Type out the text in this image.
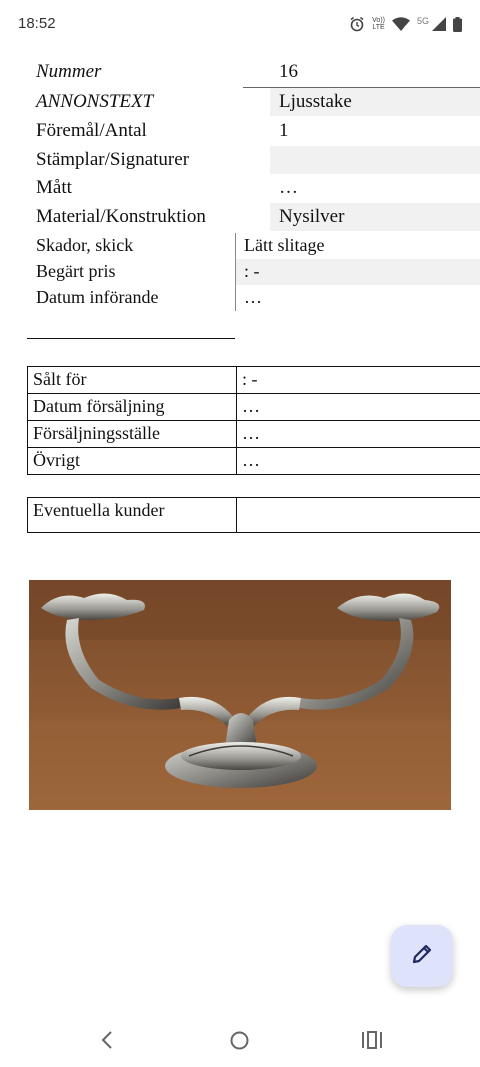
18:52	Vo))
LTE
5G
Nummer	16
ANNONSTEXT	Ljusstake
Föremål/Antal	1
Stämplar/Signaturer
Mått	…
Material/Konstruktion	Nysilver
Skador, skick	Lätt slitage
Begärt pris	: -
Datum införande	…
Sålt för	: -
Datum försäljning	…
Försäljningsställe	…
Övrigt	…
Eventuella kunder
